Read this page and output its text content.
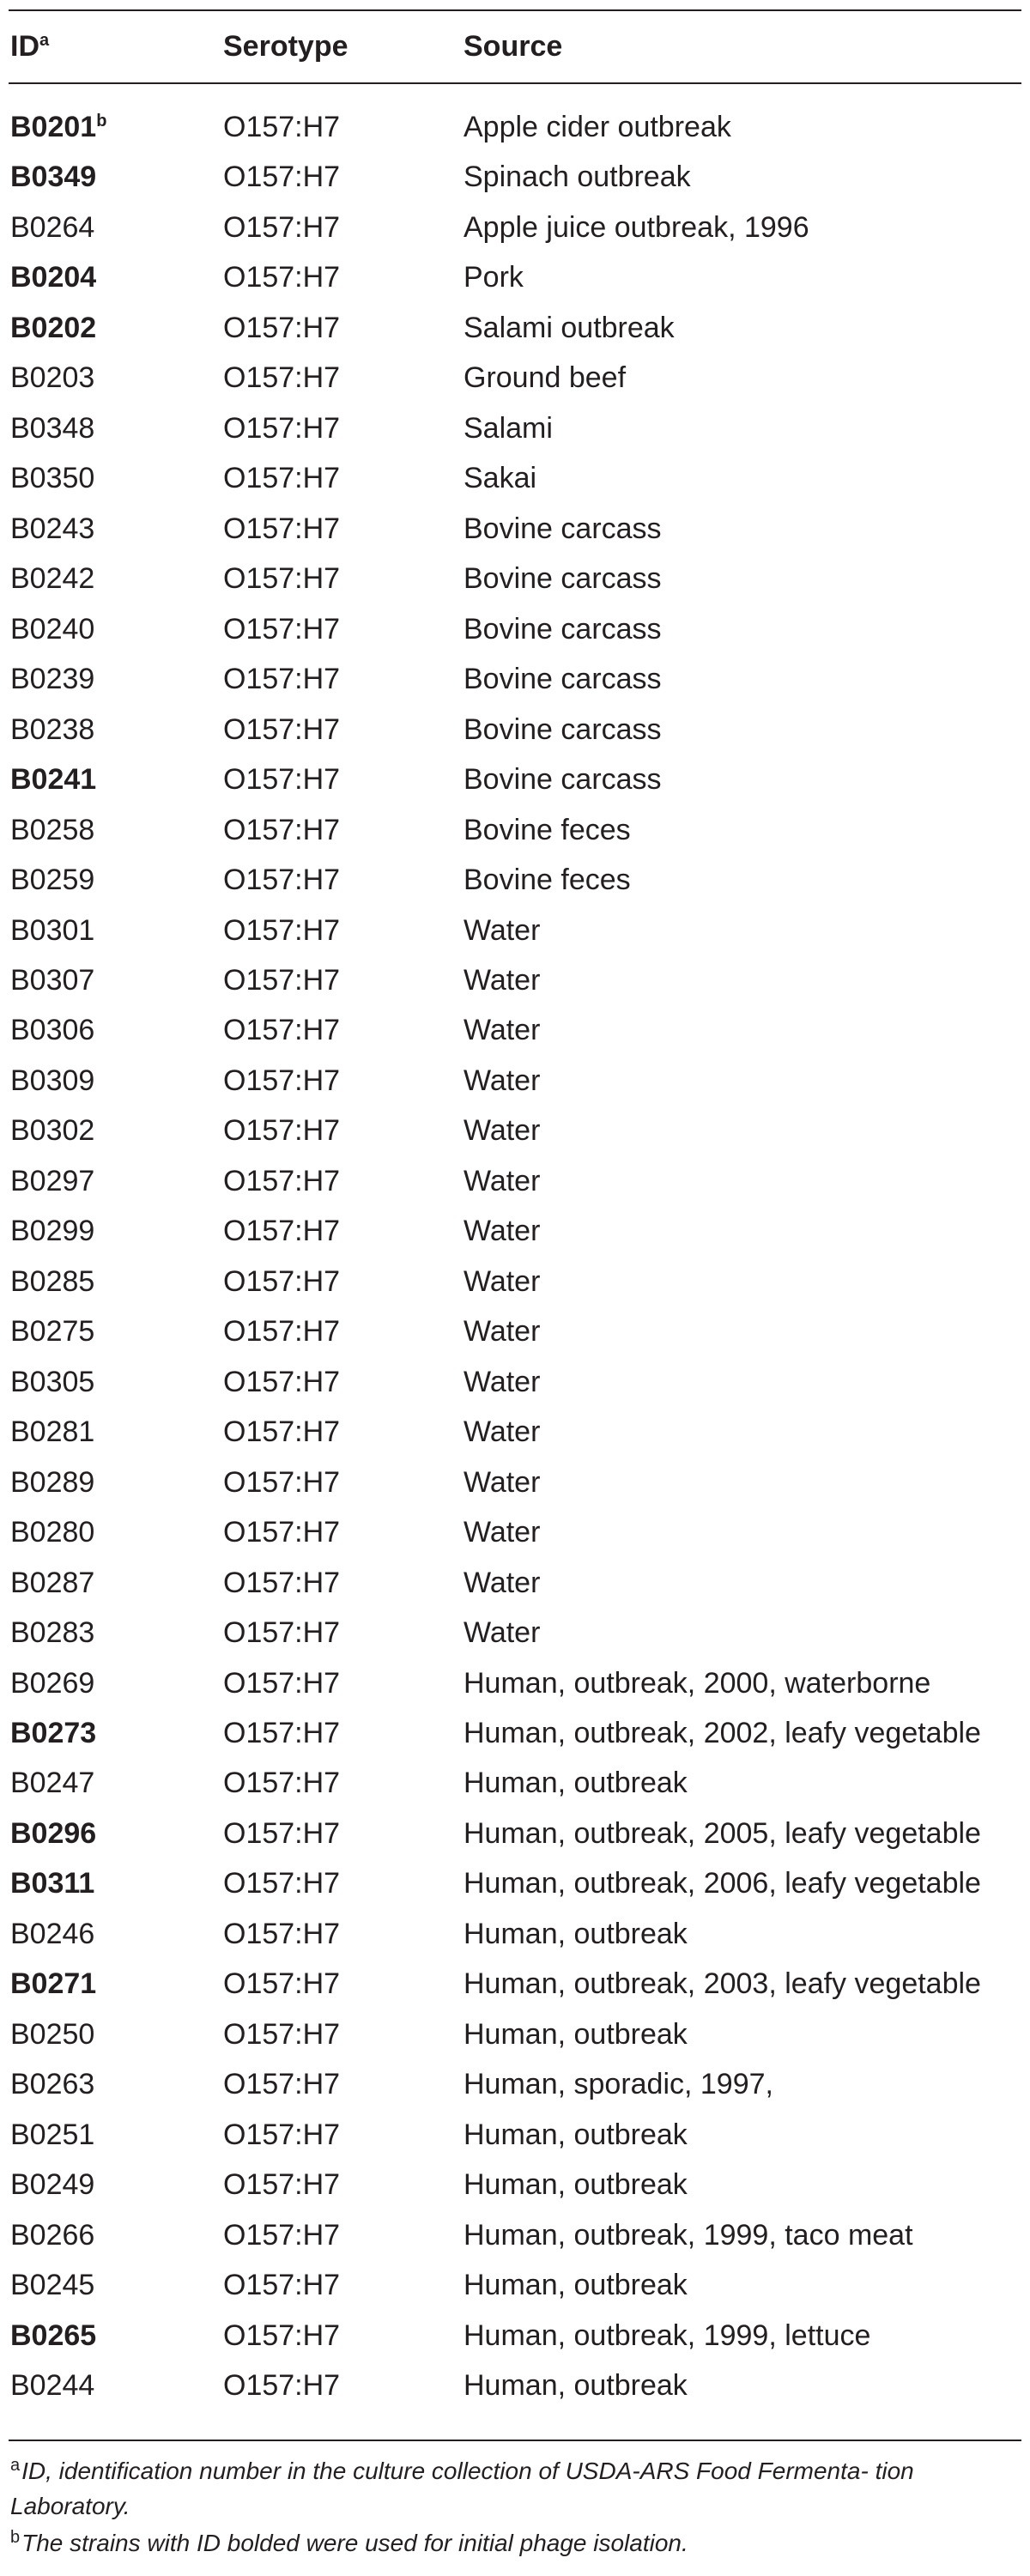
$ID^a$	Serotype	Source
B0201$^b$	O157:H7	Apple cider outbreak
B0349	O157:H7	Spinach outbreak
B0264	O157:H7	Apple juice outbreak, 1996
B0204	O157:H7	Pork
B0202	O157:H7	Salami outbreak
B0203	O157:H7	Ground beef
B0348	O157:H7	Salami
B0350	O157:H7	Sakai
B0243	O157:H7	Bovine carcass
B0242	O157:H7	Bovine carcass
B0240	O157:H7	Bovine carcass
B0239	O157:H7	Bovine carcass
B0238	O157:H7	Bovine carcass
B0241	O157:H7	Bovine carcass
B0258	O157:H7	Bovine feces
B0259	O157:H7	Bovine feces
B0301	O157:H7	Water
B0307	O157:H7	Water
B0306	O157:H7	Water
B0309	O157:H7	Water
B0302	O157:H7	Water
B0297	O157:H7	Water
B0299	O157:H7	Water
B0285	O157:H7	Water
B0275	O157:H7	Water
B0305	O157:H7	Water
B0281	O157:H7	Water
B0289	O157:H7	Water
B0280	O157:H7	Water
B0287	O157:H7	Water
B0283	O157:H7	Water
B0269	O157:H7	Human, outbreak, 2000, waterborne
B0273	O157:H7	Human, outbreak, 2002, leafy vegetable
B0247	O157:H7	Human, outbreak
B0296	O157:H7	Human, outbreak, 2005, leafy vegetable
B0311	O157:H7	Human, outbreak, 2006, leafy vegetable
B0246	O157:H7	Human, outbreak
B0271	O157:H7	Human, outbreak, 2003, leafy vegetable
B0250	O157:H7	Human, outbreak
B0263	O157:H7	Human, sporadic, 1997,
B0251	O157:H7	Human, outbreak
B0249	O157:H7	Human, outbreak
B0266	O157:H7	Human, outbreak, 1999, taco meat
B0245	O157:H7	Human, outbreak
B0265	O157:H7	Human, outbreak, 1999, lettuce
B0244	O157:H7	Human, outbreak
$^a$ID, identification number in the culture collection of USDA-ARS Food Fermenta- tion Laboratory.
$^b$The strains with ID bolded were used for initial phage isolation.
